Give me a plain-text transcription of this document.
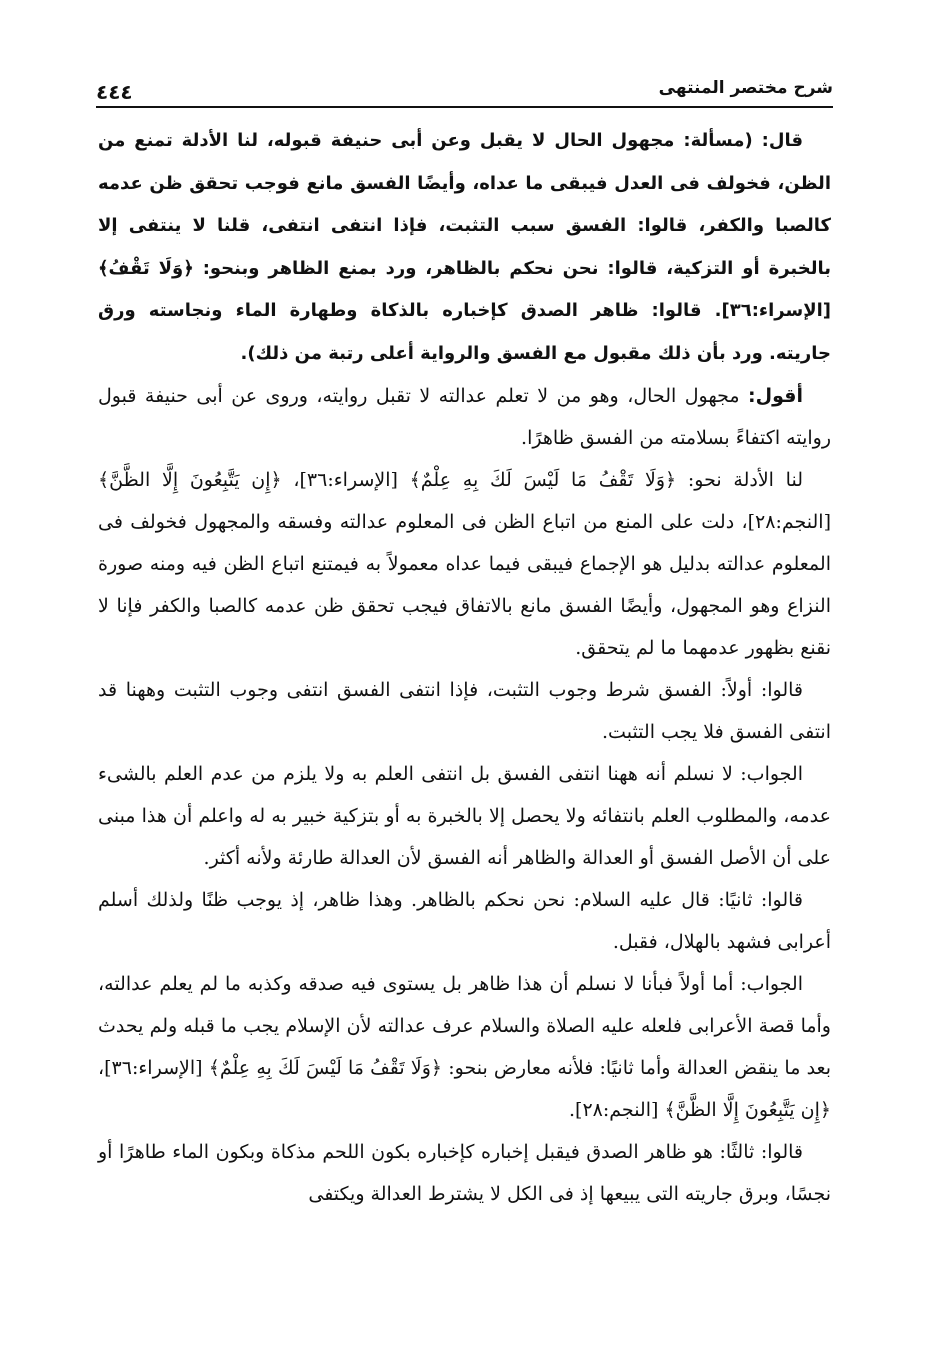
٤٤٤	شرح مختصر المنتهى

قال: (مسألة: مجهول الحال لا يقبل وعن أبى حنيفة قبوله، لنا الأدلة تمنع من الظن، فخولف فى العدل فيبقى ما عداه، وأيضًا الفسق مانع فوجب تحقق ظن عدمه كالصبا والكفر، قالوا: الفسق سبب التثبت، فإذا انتفى انتفى، قلنا لا ينتفى إلا بالخبرة أو التزكية، قالوا: نحن نحكم بالظاهر، ورد بمنع الظاهر وبنحو: ﴿وَلَا تَقْفُ﴾ [الإسراء:٣٦]. قالوا: ظاهر الصدق كإخباره بالذكاة وطهارة الماء ونجاسته ورق جاريته. ورد بأن ذلك مقبول مع الفسق والرواية أعلى رتبة من ذلك).

أقول: مجهول الحال، وهو من لا تعلم عدالته لا تقبل روايته، وروى عن أبى حنيفة قبول روايته اكتفاءً بسلامته من الفسق ظاهرًا.

لنا الأدلة نحو: ﴿وَلَا تَقْفُ مَا لَيْسَ لَكَ بِهِ عِلْمٌ﴾ [الإسراء:٣٦]، ﴿إِن يَتَّبِعُونَ إِلَّا الظَّنَّ﴾ [النجم:٢٨]، دلت على المنع من اتباع الظن فى المعلوم عدالته وفسقه والمجهول فخولف فى المعلوم عدالته بدليل هو الإجماع فيبقى فيما عداه معمولاً به فيمتنع اتباع الظن فيه ومنه صورة النزاع وهو المجهول، وأيضًا الفسق مانع بالاتفاق فيجب تحقق ظن عدمه كالصبا والكفر فإنا لا نقنع بظهور عدمهما ما لم يتحقق.

قالوا: أولاً: الفسق شرط وجوب التثبت، فإذا انتفى الفسق انتفى وجوب التثبت وههنا قد انتفى الفسق فلا يجب التثبت.

الجواب: لا نسلم أنه ههنا انتفى الفسق بل انتفى العلم به ولا يلزم من عدم العلم بالشىء عدمه، والمطلوب العلم بانتفائه ولا يحصل إلا بالخبرة به أو بتزكية خبير به له واعلم أن هذا مبنى على أن الأصل الفسق أو العدالة والظاهر أنه الفسق لأن العدالة طارئة ولأنه أكثر.

قالوا: ثانيًا: قال عليه السلام: نحن نحكم بالظاهر. وهذا ظاهر، إذ يوجب ظنًا ولذلك أسلم أعرابى فشهد بالهلال، فقبل.

الجواب: أما أولاً فبأنا لا نسلم أن هذا ظاهر بل يستوى فيه صدقه وكذبه ما لم يعلم عدالته، وأما قصة الأعرابى فلعله عليه الصلاة والسلام عرف عدالته لأن الإسلام يجب ما قبله ولم يحدث بعد ما ينقض العدالة وأما ثانيًا: فلأنه معارض بنحو: ﴿وَلَا تَقْفُ مَا لَيْسَ لَكَ بِهِ عِلْمٌ﴾ [الإسراء:٣٦]، ﴿إِن يَتَّبِعُونَ إِلَّا الظَّنَّ﴾ [النجم:٢٨].

قالوا: ثالثًا: هو ظاهر الصدق فيقبل إخباره كإخباره بكون اللحم مذكاة وبكون الماء طاهرًا أو نجسًا، وبرق جاريته التى يبيعها إذ فى الكل لا يشترط العدالة ويكتفى
